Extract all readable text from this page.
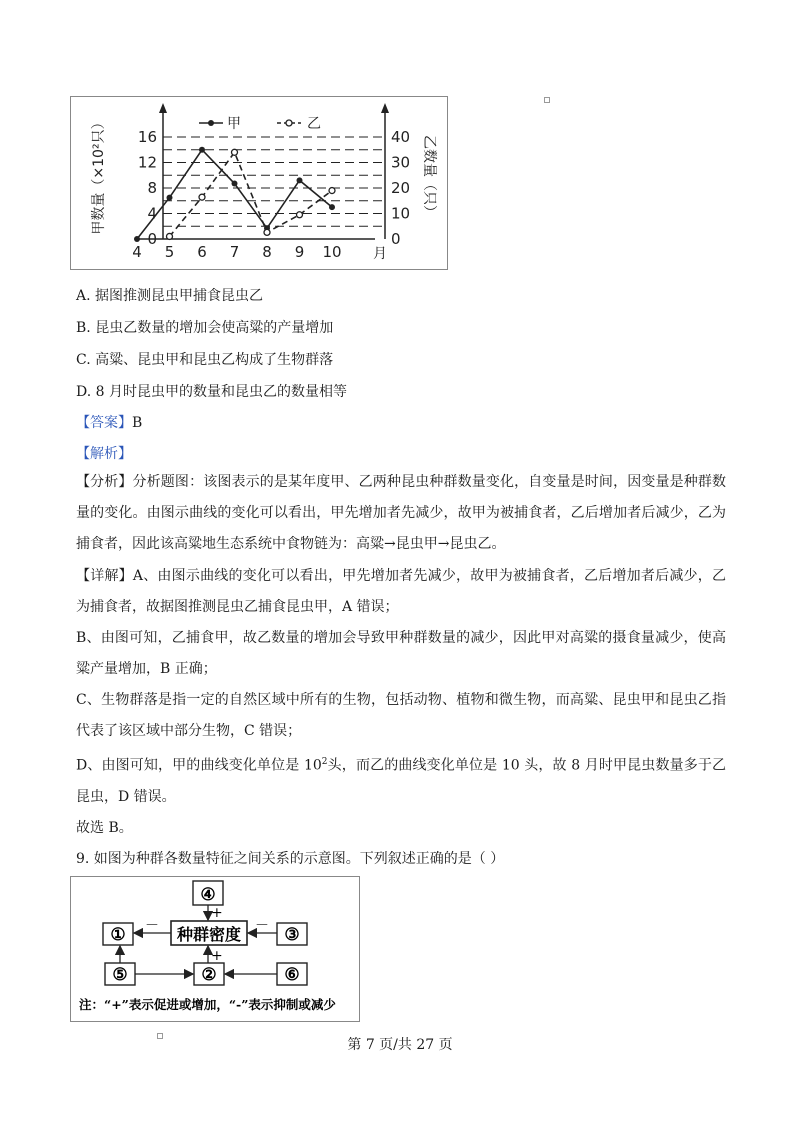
0
4
8
12
16
0
10
20
30
40
4 5 6 7 8 9 10
甲	乙
甲数量（×10²只）	乙数量（只）
月
A. 据图推测昆虫甲捕食昆虫乙
B. 昆虫乙数量的增加会使高粱的产量增加
C. 高粱、昆虫甲和昆虫乙构成了生物群落
D. 8 月时昆虫甲的数量和昆虫乙的数量相等
【答案】B
【解析】
【分析】分析题图：该图表示的是某年度甲、乙两种昆虫种群数量变化，自变量是时间，因变量是种群数量的变化。由图示曲线的变化可以看出，甲先增加者先减少，故甲为被捕食者，乙后增加者后减少，乙为捕食者，因此该高粱地生态系统中食物链为：高粱→昆虫甲→昆虫乙。
【详解】A、由图示曲线的变化可以看出，甲先增加者先减少，故甲为被捕食者，乙后增加者后减少，乙为捕食者，故据图推测昆虫乙捕食昆虫甲，A 错误；
B、由图可知，乙捕食甲，故乙数量的增加会导致甲种群数量的减少，因此甲对高粱的摄食量减少，使高粱产量增加，B 正确；
C、生物群落是指一定的自然区域中所有的生物，包括动物、植物和微生物，而高粱、昆虫甲和昆虫乙指代表了该区域中部分生物，C 错误；
D、由图可知，甲的曲线变化单位是 $10^2$头，而乙的曲线变化单位是 10 头，故 8 月时甲昆虫数量多于乙昆虫，D 错误。
故选 B。
9. 如图为种群各数量特征之间关系的示意图。下列叙述正确的是（ ）
④
种群密度
①	③
⑤	②	⑥
+
+
－	－
注：“+”表示促进或增加，“-”表示抑制或减少
第 7 页/共 27 页
